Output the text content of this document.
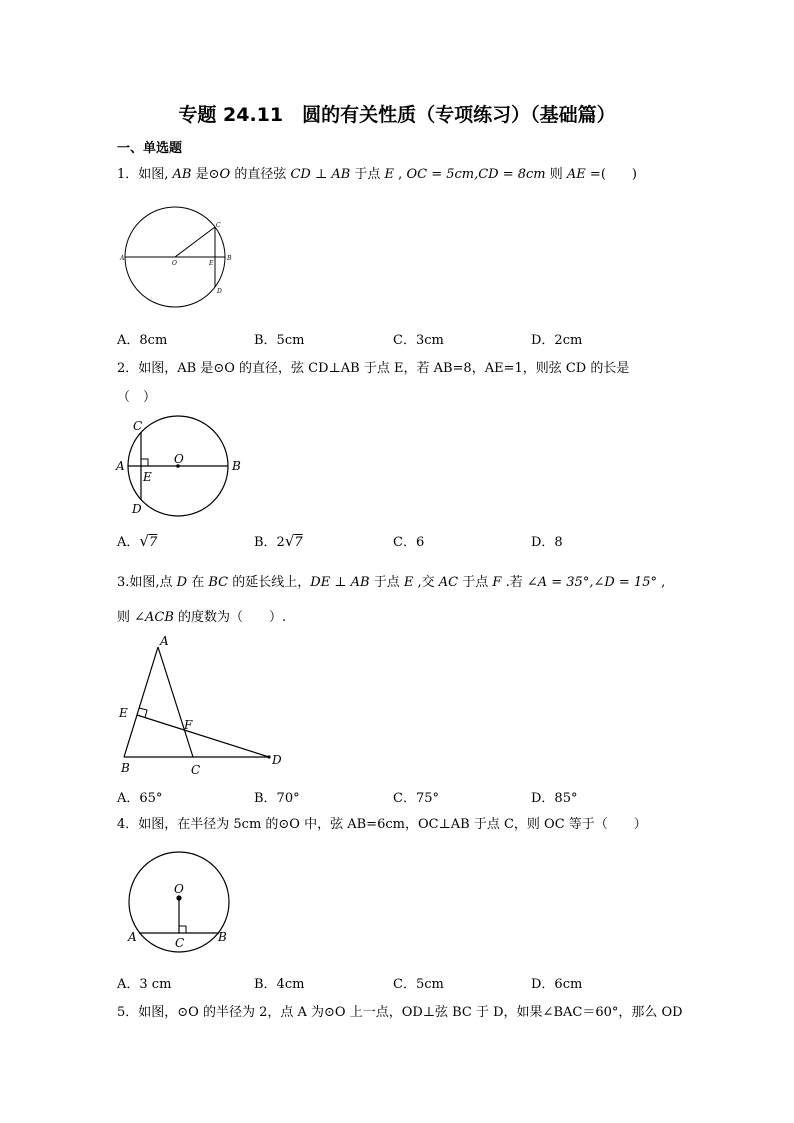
专题 24.11　圆的有关性质（专项练习）（基础篇）
一、单选题
1．如图, AB 是⊙O 的直径弦 CD ⊥ AB 于点 E , OC = 5cm,CD = 8cm 则 AE =(　　)
A
O	E
B
C
D
A．8cm	B．5cm	C．3cm	D．2cm
2．如图，AB 是⊙O 的直径，弦 CD⊥AB 于点 E，若 AB=8，AE=1，则弦 CD 的长是
（　）
C
O
A
E
B
D
A．√7	B．2√7	C．6	D．8
3.如图,点 D 在 BC 的延长线上，DE ⊥ AB 于点 E ,交 AC 于点 F .若 ∠A = 35°,∠D = 15° ,
则 ∠ACB 的度数为（　　）.
A
E
F
B	C
D
A．65°	B．70°	C．75°	D．85°
4．如图，在半径为 5cm 的⊙O 中，弦 AB=6cm，OC⊥AB 于点 C，则 OC 等于（　　）
O
A	C	B
A．3 cm	B．4cm	C．5cm	D．6cm
5．如图，⊙O 的半径为 2，点 A 为⊙O 上一点，OD⊥弦 BC 于 D，如果∠BAC＝60°，那么 OD
